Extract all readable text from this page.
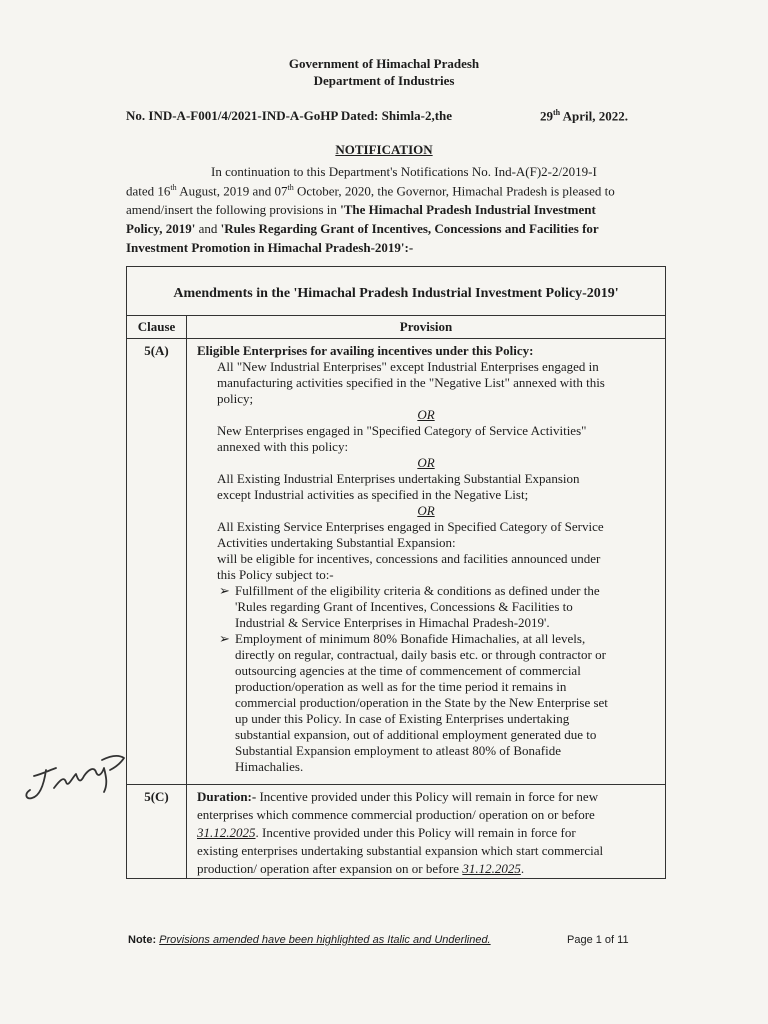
Government of Himachal Pradesh
Department of Industries
No. IND-A-F001/4/2021-IND-A-GoHP Dated: Shimla-2,the	29th April, 2022.
NOTIFICATION
In continuation to this Department's Notifications No. Ind-A(F)2-2/2019-I
dated 16th August, 2019 and 07th October, 2020, the Governor, Himachal Pradesh is pleased to
amend/insert the following provisions in 'The Himachal Pradesh Industrial Investment
Policy, 2019' and 'Rules Regarding Grant of Incentives, Concessions and Facilities for
Investment Promotion in Himachal Pradesh-2019':-
Amendments in the 'Himachal Pradesh Industrial Investment Policy-2019'
Clause	Provision
5(A)	Eligible Enterprises for availing incentives under this Policy:
All "New Industrial Enterprises" except Industrial Enterprises engaged in
manufacturing activities specified in the "Negative List" annexed with this
policy;
OR
New Enterprises engaged in "Specified Category of Service Activities"
annexed with this policy:
OR
All Existing Industrial Enterprises undertaking Substantial Expansion
except Industrial activities as specified in the Negative List;
OR
All Existing Service Enterprises engaged in Specified Category of Service
Activities undertaking Substantial Expansion:
will be eligible for incentives, concessions and facilities announced under
this Policy subject to:-
➢ Fulfillment of the eligibility criteria & conditions as defined under the
'Rules regarding Grant of Incentives, Concessions & Facilities to
Industrial & Service Enterprises in Himachal Pradesh-2019'.
➢ Employment of minimum 80% Bonafide Himachalies, at all levels,
directly on regular, contractual, daily basis etc. or through contractor or
outsourcing agencies at the time of commencement of commercial
production/operation as well as for the time period it remains in
commercial production/operation in the State by the New Enterprise set
up under this Policy. In case of Existing Enterprises undertaking
substantial expansion, out of additional employment generated due to
Substantial Expansion employment to atleast 80% of Bonafide
Himachalies.
5(C)	Duration:- Incentive provided under this Policy will remain in force for new
enterprises which commence commercial production/ operation on or before
31.12.2025. Incentive provided under this Policy will remain in force for
existing enterprises undertaking substantial expansion which start commercial
production/ operation after expansion on or before 31.12.2025.
Note: Provisions amended have been highlighted as Italic and Underlined.	Page 1 of 11
